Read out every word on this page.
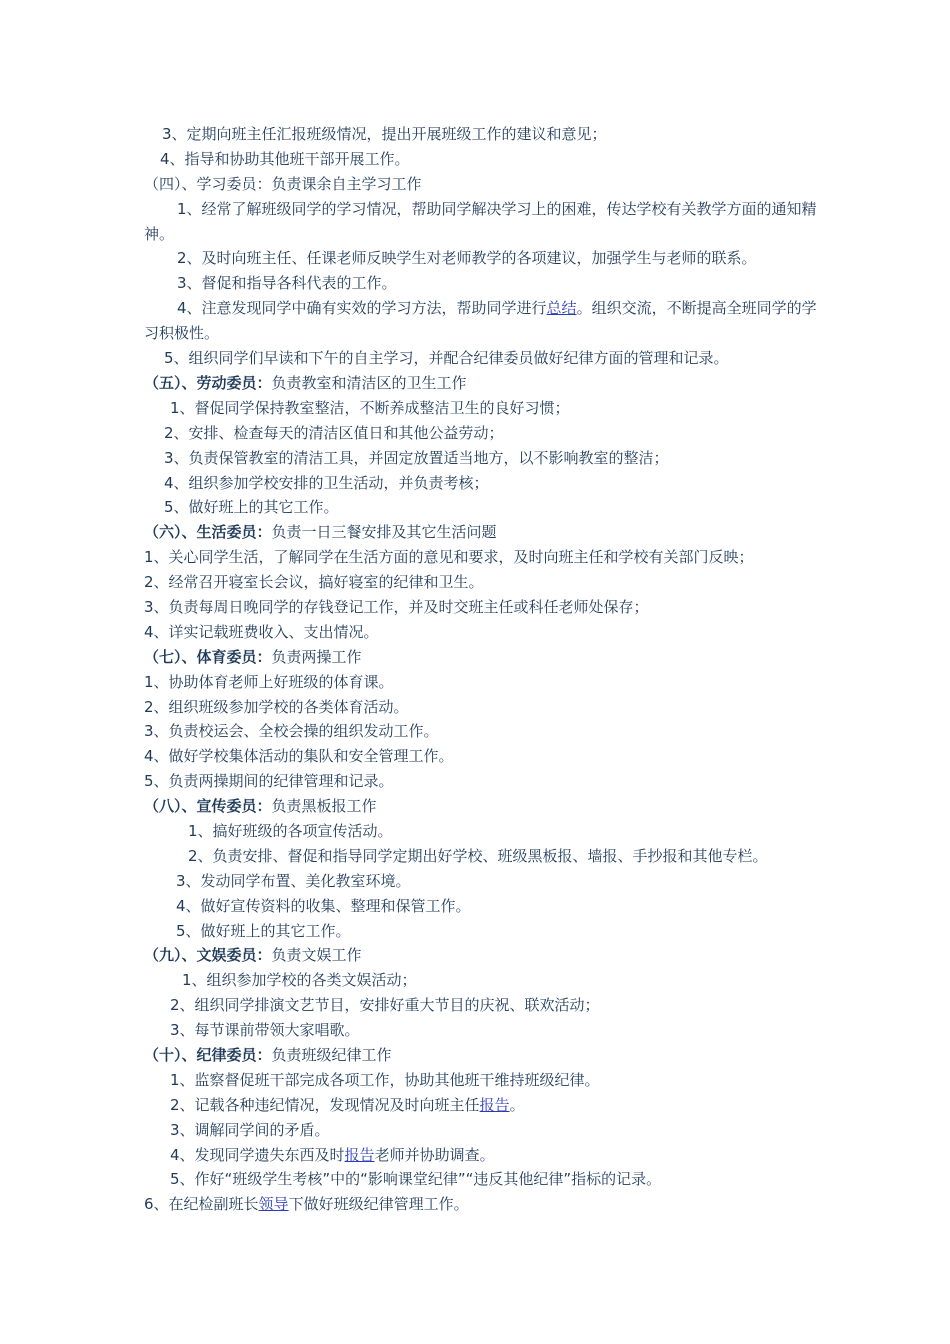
3、定期向班主任汇报班级情况，提出开展班级工作的建议和意见；
4、指导和协助其他班干部开展工作。
（四）、学习委员：负责课余自主学习工作
1、经常了解班级同学的学习情况，帮助同学解决学习上的困难，传达学校有关教学方面的通知精神。
2、及时向班主任、任课老师反映学生对老师教学的各项建议，加强学生与老师的联系。
3、督促和指导各科代表的工作。
4、注意发现同学中确有实效的学习方法，帮助同学进行总结。组织交流，不断提高全班同学的学习积极性。
5、组织同学们早读和下午的自主学习，并配合纪律委员做好纪律方面的管理和记录。
（五）、劳动委员：负责教室和清洁区的卫生工作
1、督促同学保持教室整洁，不断养成整洁卫生的良好习惯；
2、安排、检查每天的清洁区值日和其他公益劳动；
3、负责保管教室的清洁工具，并固定放置适当地方，以不影响教室的整洁；
4、组织参加学校安排的卫生活动，并负责考核；
5、做好班上的其它工作。
（六）、生活委员：负责一日三餐安排及其它生活问题
1、关心同学生活，了解同学在生活方面的意见和要求，及时向班主任和学校有关部门反映；
2、经常召开寝室长会议，搞好寝室的纪律和卫生。
3、负责每周日晚同学的存钱登记工作，并及时交班主任或科任老师处保存；
4、详实记载班费收入、支出情况。
（七）、体育委员：负责两操工作
1、协助体育老师上好班级的体育课。
2、组织班级参加学校的各类体育活动。
3、负责校运会、全校会操的组织发动工作。
4、做好学校集体活动的集队和安全管理工作。
5、负责两操期间的纪律管理和记录。
（八）、宣传委员：负责黑板报工作
1、搞好班级的各项宣传活动。
2、负责安排、督促和指导同学定期出好学校、班级黑板报、墙报、手抄报和其他专栏。
3、发动同学布置、美化教室环境。
4、做好宣传资料的收集、整理和保管工作。
5、做好班上的其它工作。
（九）、文娱委员：负责文娱工作
1、组织参加学校的各类文娱活动；
2、组织同学排演文艺节目，安排好重大节目的庆祝、联欢活动；
3、每节课前带领大家唱歌。
（十）、纪律委员：负责班级纪律工作
1、监察督促班干部完成各项工作，协助其他班干维持班级纪律。
2、记载各种违纪情况，发现情况及时向班主任报告。
3、调解同学间的矛盾。
4、发现同学遗失东西及时报告老师并协助调查。
5、作好“班级学生考核”中的“影响课堂纪律”“违反其他纪律”指标的记录。
6、在纪检副班长领导下做好班级纪律管理工作。
